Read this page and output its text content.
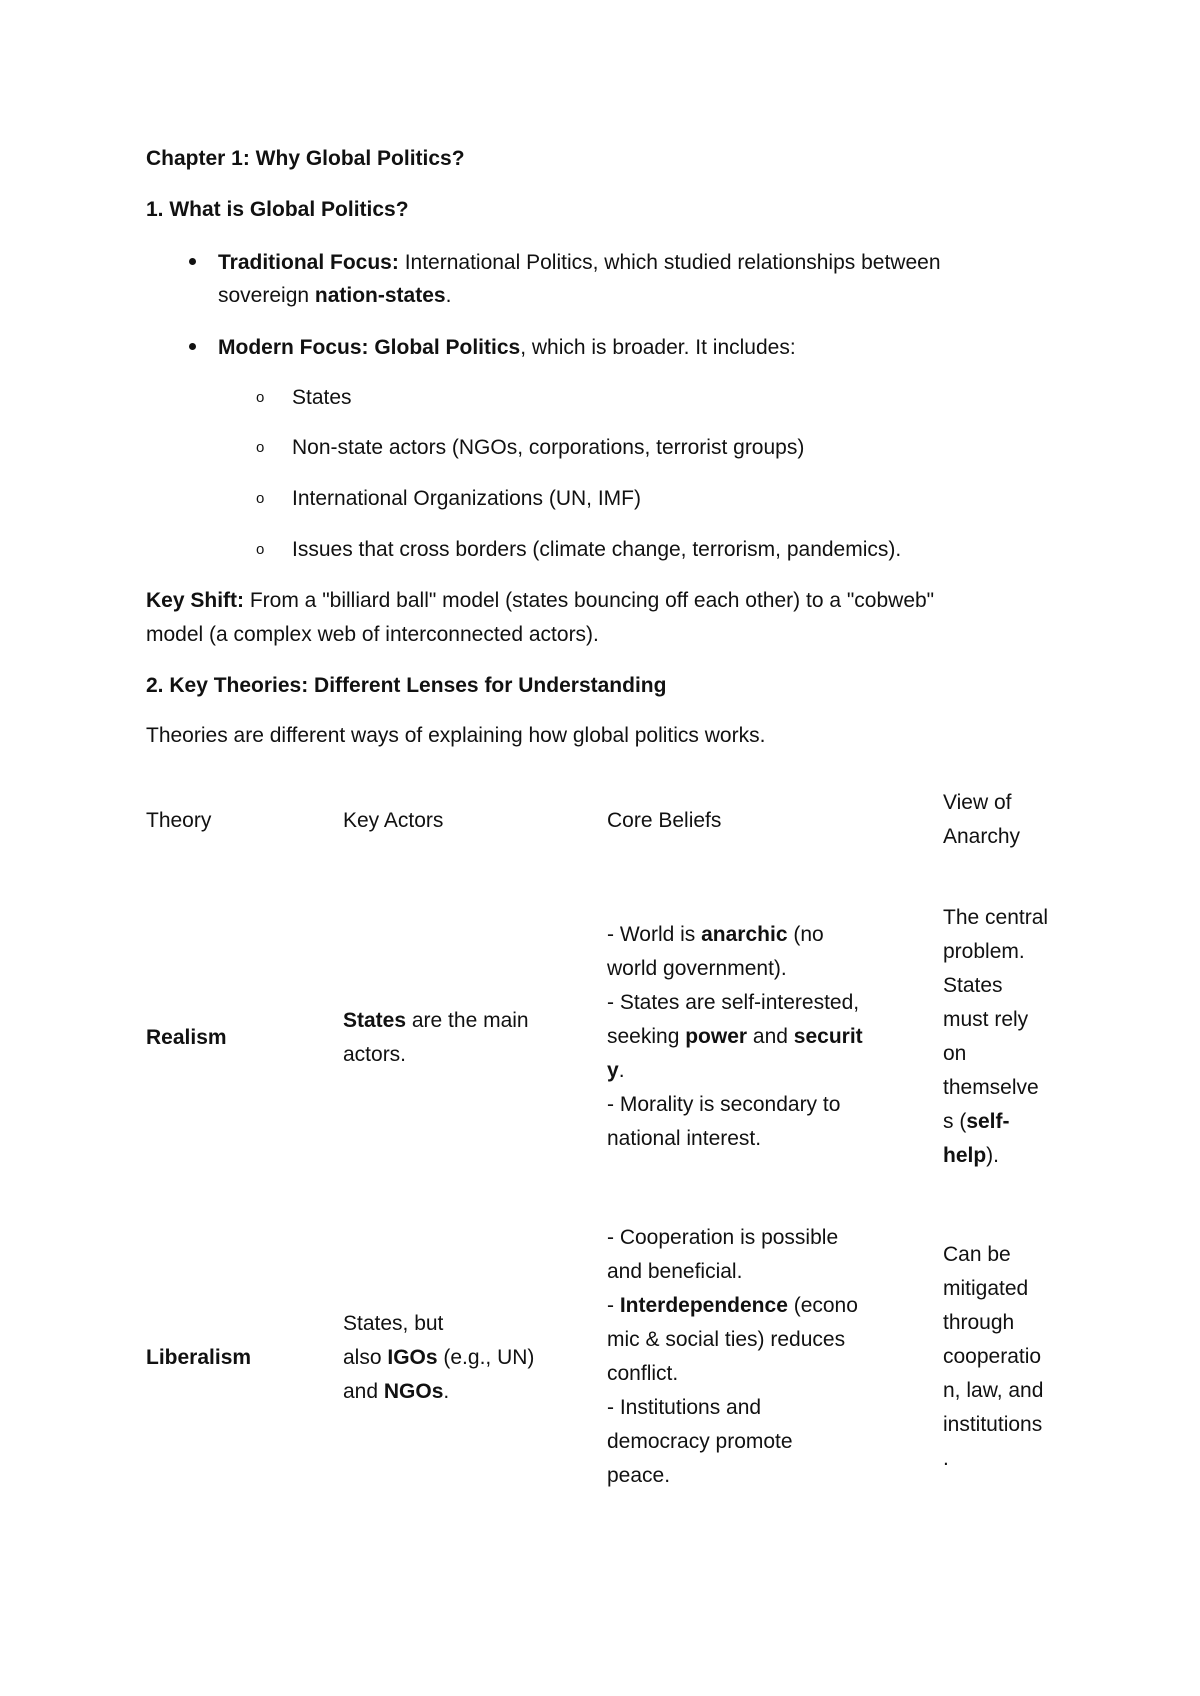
Chapter 1: Why Global Politics?
1. What is Global Politics?
Traditional Focus: International Politics, which studied relationships between
sovereign nation-states.
Modern Focus: Global Politics, which is broader. It includes:
o States
o Non-state actors (NGOs, corporations, terrorist groups)
o International Organizations (UN, IMF)
o Issues that cross borders (climate change, terrorism, pandemics).
Key Shift: From a "billiard ball" model (states bouncing off each other) to a "cobweb"
model (a complex web of interconnected actors).
2. Key Theories: Different Lenses for Understanding
Theories are different ways of explaining how global politics works.
Theory	Key Actors	Core Beliefs
View of
Anarchy
Realism
States are the main
actors.
- World is anarchic (no
world government).
- States are self-interested,
seeking power and securit
y.
- Morality is secondary to
national interest.
The central
problem.
States
must rely
on
themselve
s (self-
help).
Liberalism
States, but
also IGOs (e.g., UN)
and NGOs.
- Cooperation is possible
and beneficial.
- Interdependence (econo
mic & social ties) reduces
conflict.
- Institutions and
democracy promote
peace.
Can be
mitigated
through
cooperatio
n, law, and
institutions
.
